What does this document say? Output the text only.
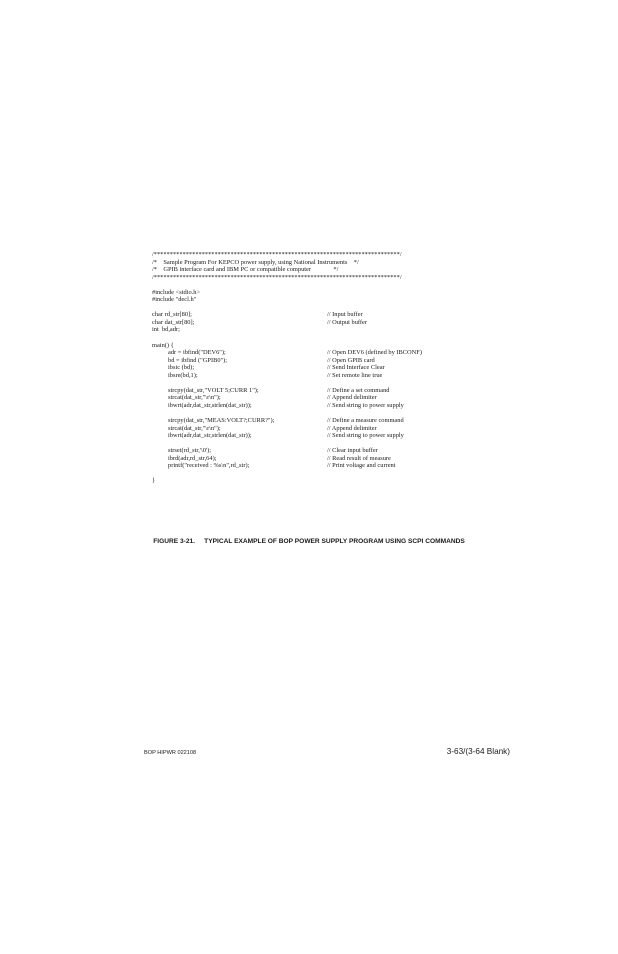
/*****************************************************************************/
/*    Sample Program For KEPCO power supply, using National Instruments    */
/*    GPIB interface card and IBM PC or compatible computer              */
/*****************************************************************************/
#include <stdio.h>
#include "decl.h"
char rd_str[80];	// Input buffer
char dat_str[80];	// Output buffer
int  bd,adr;
main() {
adr = ibfind("DEV6");	// Open DEV6 (defined by IBCONF)
bd = ibfind ("GPIB0");	// Open GPIB card
ibsic (bd);	// Send Interface Clear
ibsre(bd,1);	// Set remote line true
strcpy(dat_str,"VOLT 5;CURR 1");	// Define a set command
strcat(dat_str,"\r\n");	// Append delimiter
ibwrt(adr,dat_str,strlen(dat_str));	// Send string to power supply
strcpy(dat_str,"MEAS:VOLT?;CURR?");	// Define a measure command
strcat(dat_str,"\r\n");	// Append delimiter
ibwrt(adr,dat_str,strlen(dat_str));	// Send string to power supply
strset(rd_str,'\0');	// Clear input buffer
ibrd(adr,rd_str,64);	// Read result of measure
printf("received : %s\n",rd_str);	// Print voltage and current
}
FIGURE 3-21. TYPICAL EXAMPLE OF BOP POWER SUPPLY PROGRAM USING SCPI COMMANDS
BOP HIPWR 022108	3-63/(3-64 Blank)
